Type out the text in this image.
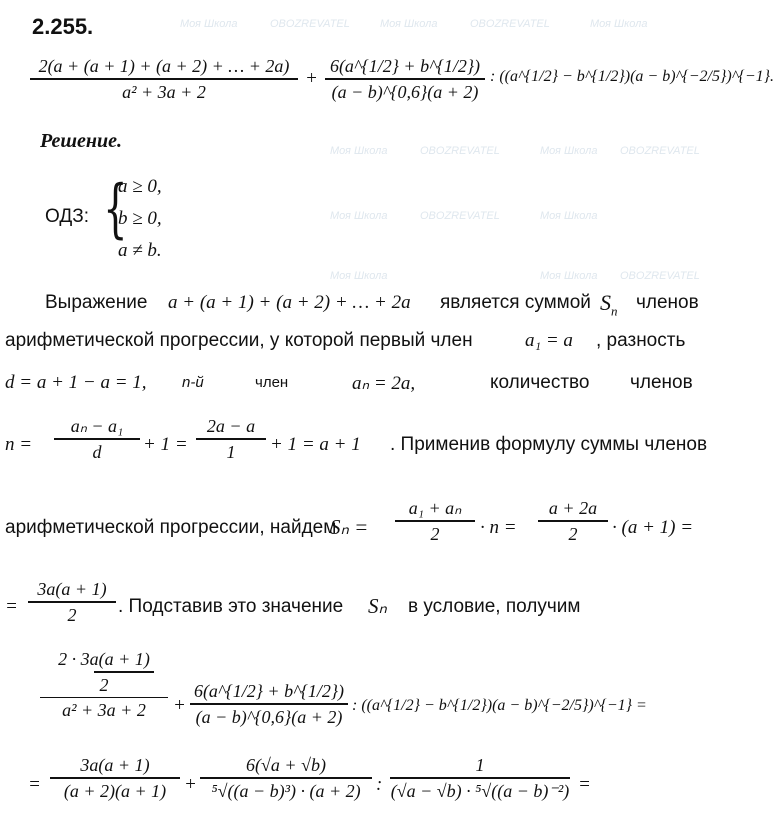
Моя Школа	OBOZREVATEL	Моя Школа	OBOZREVATEL	Моя Школа
Моя Школа	OBOZREVATEL	Моя Школа OBOZREVATEL
Моя Школа	OBOZREVATEL	Моя Школа
Моя Школа	Моя Школа OBOZREVATEL
2.255.
2(a + (a + 1) + (a + 2) + … + 2a)
a² + 3a + 2
+
6(a^{1/2} + b^{1/2})
(a − b)^{0,6}(a + 2)
: ((a^{1/2} − b^{1/2})(a − b)^{−2/5})^{−1}.
Решение.
ОДЗ: {
a ≥ 0,
b ≥ 0,
a ≠ b.
Выражение a + (a + 1) + (a + 2) + … + 2a является суммой $S_n$ членов
арифметической прогрессии, у которой первый член	a₁ = a , разность
d = a + 1 − a = 1, n-й	член	aₙ = 2a,	количество членов
n =
aₙ − a₁
d + 1 =
2a − a
1 + 1 = a + 1 . Применив формулу суммы членов
арифметической прогрессии, найдем
Sₙ =
a₁ + aₙ
2 · n =
a + 2a
2 · (a + 1) =
=
3a(a + 1)
2 . Подставив это значение Sₙ в условие, получим
2 · 3a(a + 1)
2
a² + 3a + 2 +
6(a^{1/2} + b^{1/2})
(a − b)^{0,6}(a + 2)
: ((a^{1/2} − b^{1/2})(a − b)^{−2/5})^{−1} =
=
3a(a + 1)
(a + 2)(a + 1) +
6(√a + √b)
⁵√((a − b)³) · (a + 2) :
1
(√a − √b) · ⁵√((a − b)⁻²) =
